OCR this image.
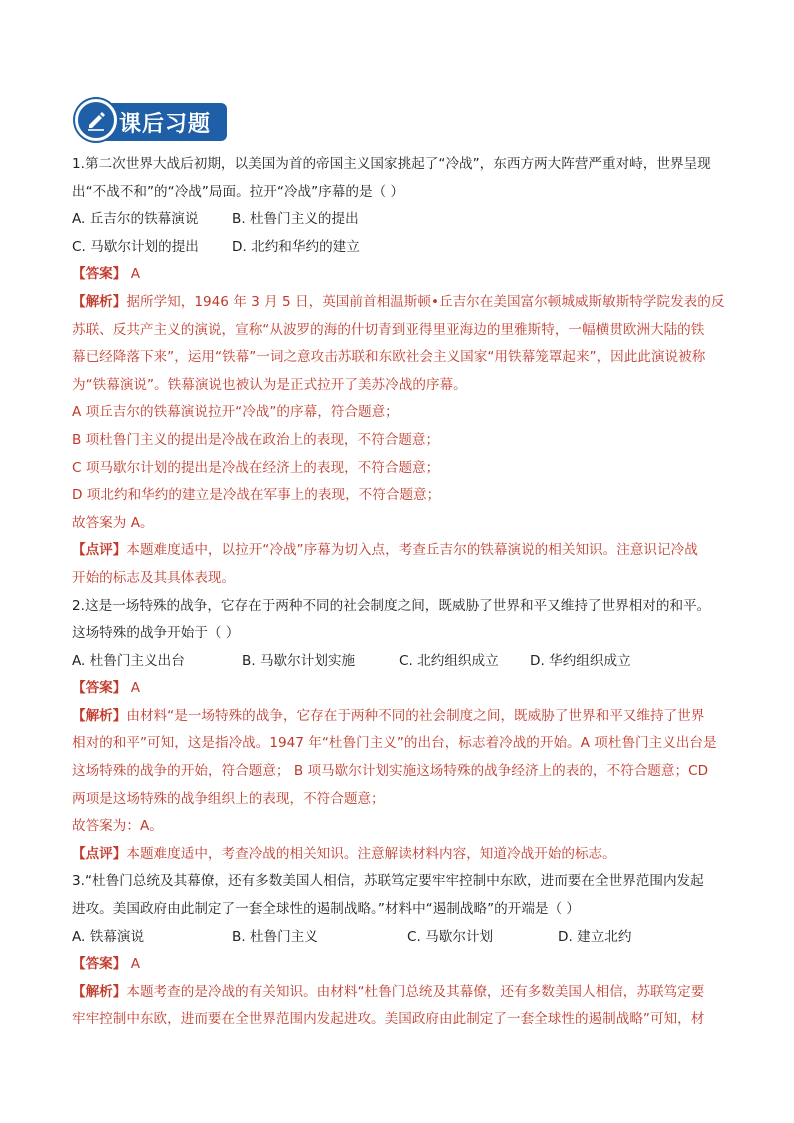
课后习题
1.第二次世界大战后初期，以美国为首的帝国主义国家挑起了“冷战”，东西方两大阵营严重对峙，世界呈现
出“不战不和”的“冷战”局面。拉开“冷战”序幕的是（ ）
A. 丘吉尔的铁幕演说	B. 杜鲁门主义的提出
C. 马歇尔计划的提出	D. 北约和华约的建立
【答案】 A
【解析】据所学知，1946 年 3 月 5 日，英国前首相温斯顿•丘吉尔在美国富尔顿城威斯敏斯特学院发表的反
苏联、反共产主义的演说，宣称“从波罗的海的什切青到亚得里亚海边的里雅斯特，一幅横贯欧洲大陆的铁
幕已经降落下来”，运用“铁幕”一词之意攻击苏联和东欧社会主义国家“用铁幕笼罩起来”，因此此演说被称
为“铁幕演说”。铁幕演说也被认为是正式拉开了美苏冷战的序幕。
A 项丘吉尔的铁幕演说拉开“冷战”的序幕，符合题意；
B 项杜鲁门主义的提出是冷战在政治上的表现，不符合题意；
C 项马歇尔计划的提出是冷战在经济上的表现，不符合题意；
D 项北约和华约的建立是冷战在军事上的表现，不符合题意；
故答案为 A。
【点评】本题难度适中，以拉开“冷战”序幕为切入点，考查丘吉尔的铁幕演说的相关知识。注意识记冷战
开始的标志及其具体表现。
2.这是一场特殊的战争，它存在于两种不同的社会制度之间，既威胁了世界和平又维持了世界相对的和平。
这场特殊的战争开始于（ ）
A. 杜鲁门主义出台	B. 马歇尔计划实施	C. 北约组织成立	D. 华约组织成立
【答案】 A
【解析】由材料“是一场特殊的战争，它存在于两种不同的社会制度之间，既威胁了世界和平又维持了世界
相对的和平”可知，这是指冷战。1947 年“杜鲁门主义”的出台，标志着冷战的开始。A 项杜鲁门主义出台是
这场特殊的战争的开始，符合题意； B 项马歇尔计划实施这场特殊的战争经济上的表的，不符合题意；CD
两项是这场特殊的战争组织上的表现，不符合题意；
故答案为：A。
【点评】本题难度适中，考查冷战的相关知识。注意解读材料内容，知道冷战开始的标志。
3.“杜鲁门总统及其幕僚，还有多数美国人相信，苏联笃定要牢牢控制中东欧，进而要在全世界范围内发起
进攻。美国政府由此制定了一套全球性的遏制战略。”材料中“遏制战略”的开端是（ ）
A. 铁幕演说	B. 杜鲁门主义	C. 马歇尔计划	D. 建立北约
【答案】 A
【解析】本题考查的是冷战的有关知识。由材料“杜鲁门总统及其幕僚，还有多数美国人相信，苏联笃定要
牢牢控制中东欧，进而要在全世界范围内发起进攻。美国政府由此制定了一套全球性的遏制战略”可知，材
